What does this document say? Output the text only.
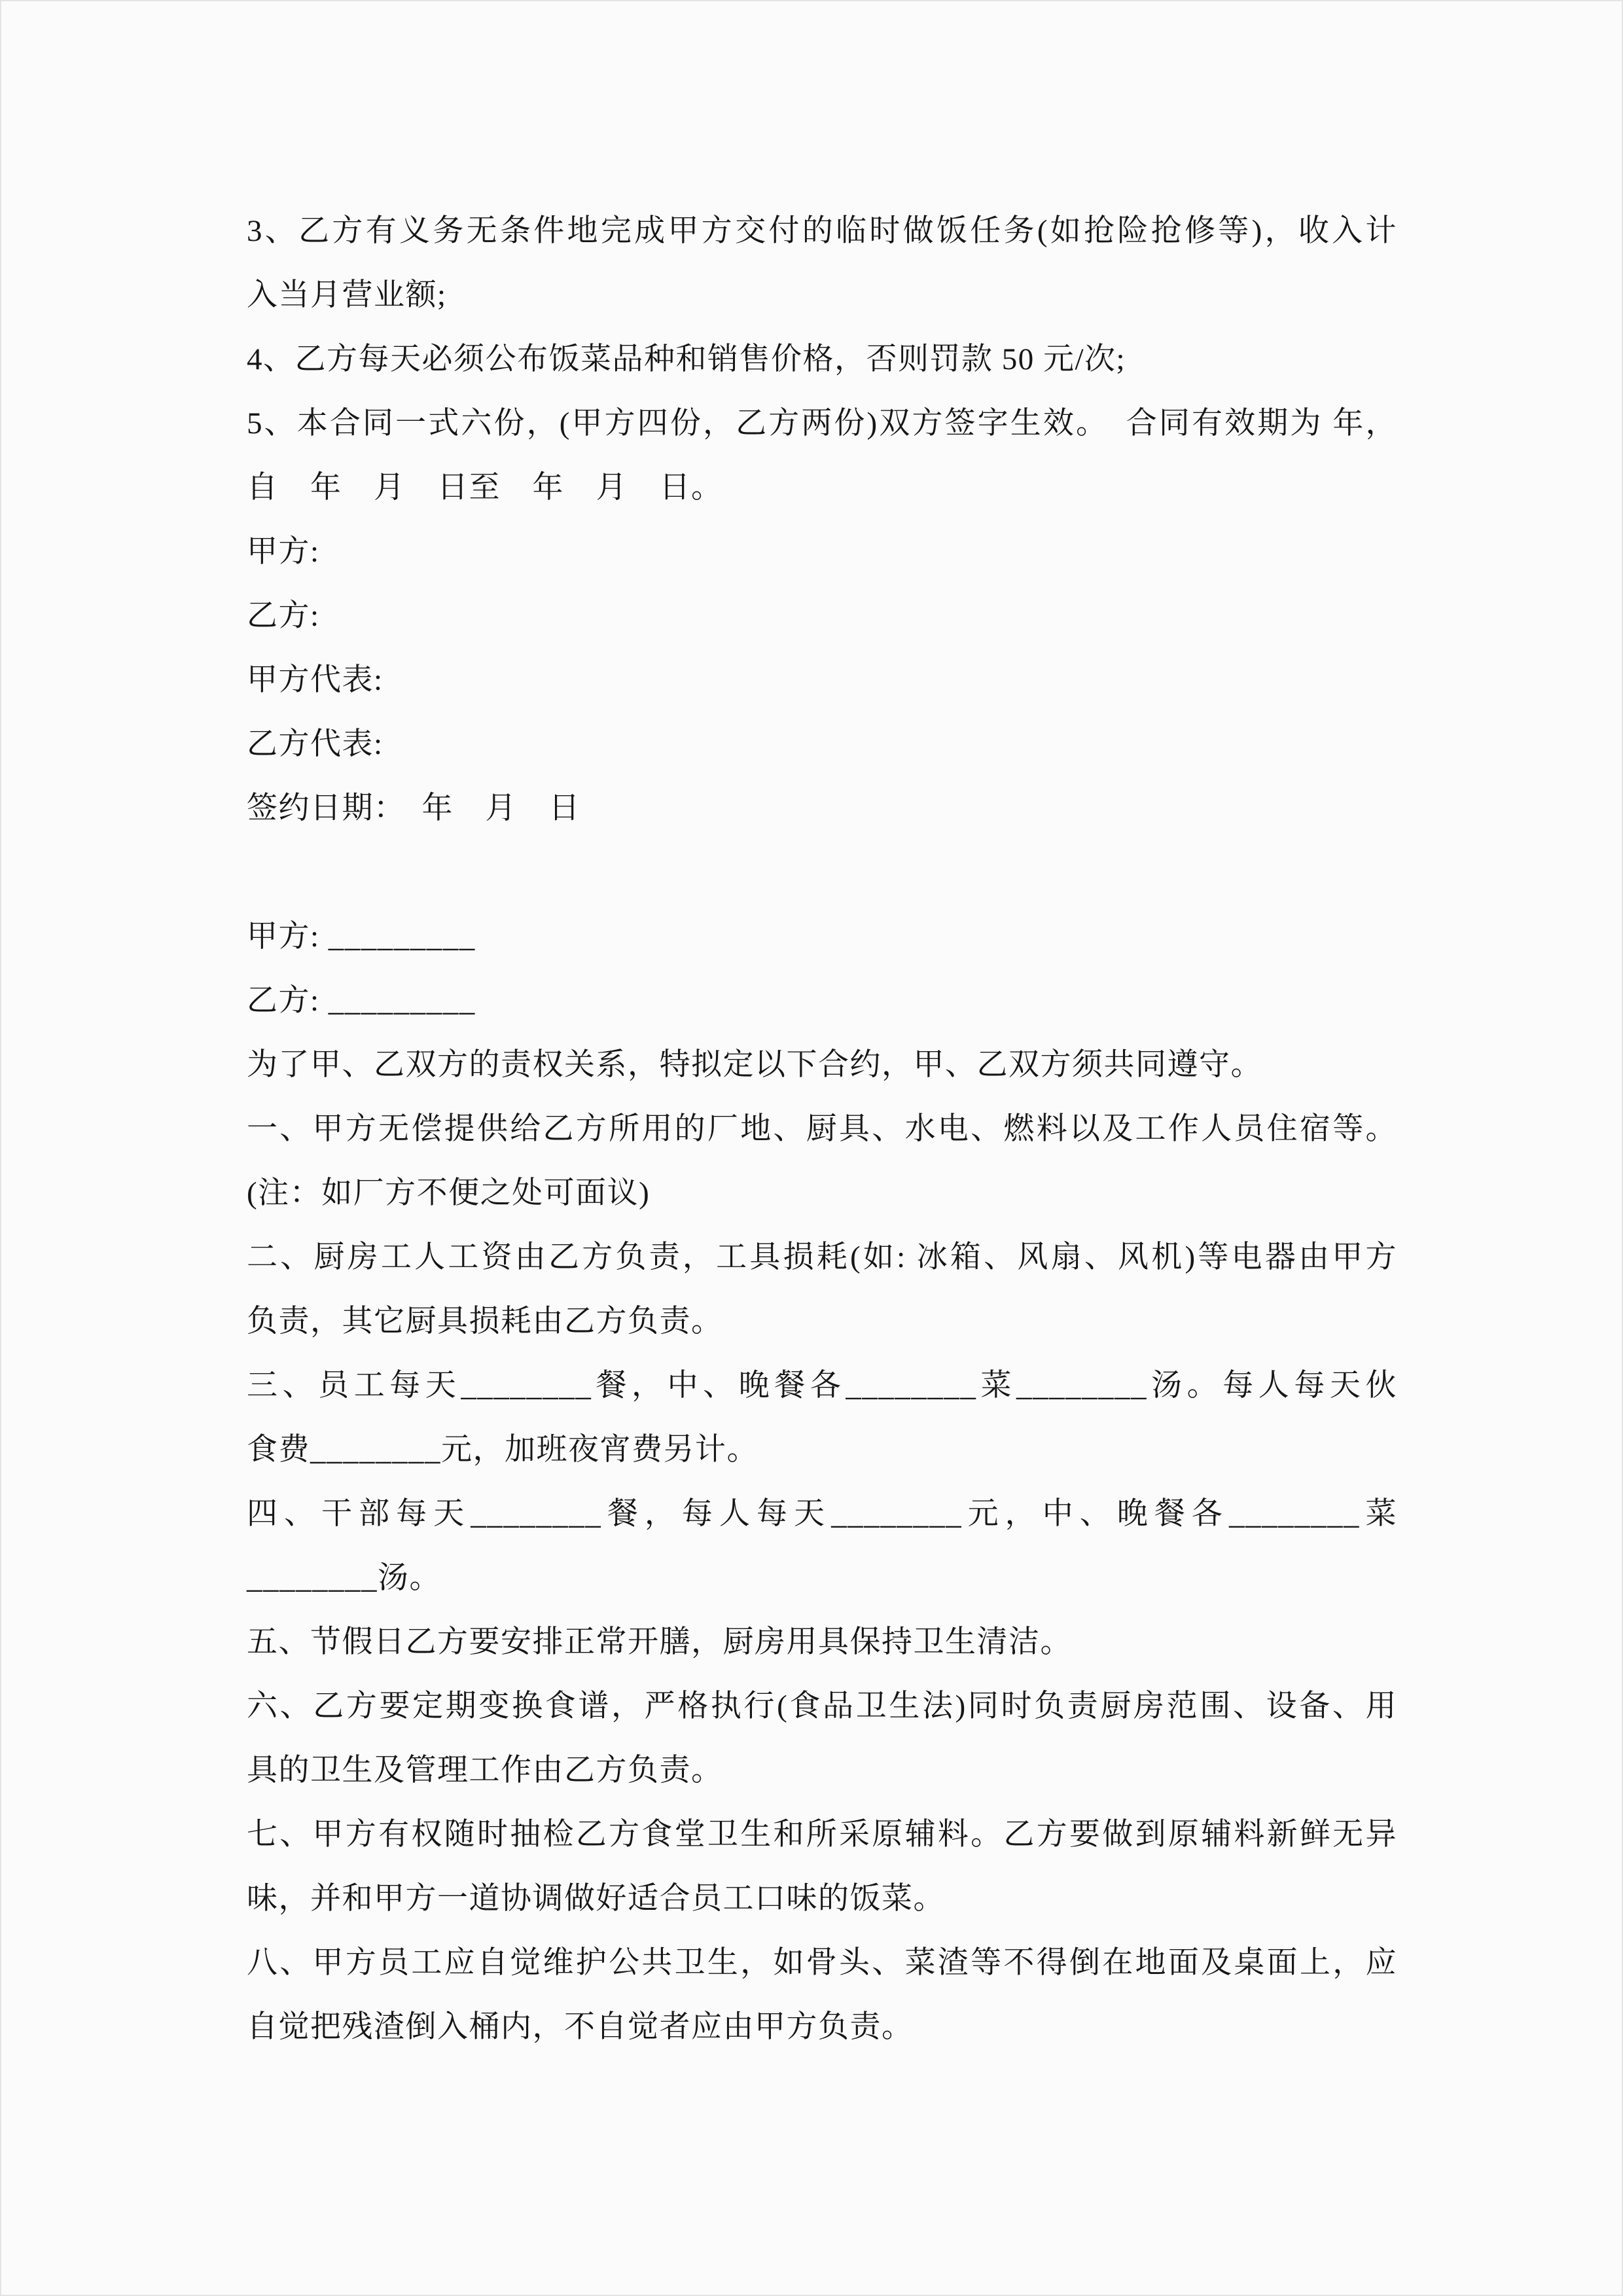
3、乙方有义务无条件地完成甲方交付的临时做饭任务(如抢险抢修等)，收入计
入当月营业额;
4、乙方每天必须公布饭菜品种和销售价格，否则罚款 50 元/次;
5、本合同一式六份，(甲方四份，乙方两份)双方签字生效。　合同有效期为 年，
自　年　月　日至　年　月　日。
甲方:
乙方:
甲方代表:
乙方代表:
签约日期：　年　月　日
甲方: _________
乙方: _________
为了甲、乙双方的责权关系，特拟定以下合约，甲、乙双方须共同遵守。
一、甲方无偿提供给乙方所用的厂地、厨具、水电、燃料以及工作人员住宿等。
(注：如厂方不便之处可面议)
二、厨房工人工资由乙方负责，工具损耗(如: 冰箱、风扇、风机)等电器由甲方
负责，其它厨具损耗由乙方负责。
三、员工每天________餐，中、晚餐各________菜________汤。每人每天伙
食费________元，加班夜宵费另计。
四、干部每天________餐，每人每天________元，中、晚餐各________菜
________汤。
五、节假日乙方要安排正常开膳，厨房用具保持卫生清洁。
六、乙方要定期变换食谱，严格执行(食品卫生法)同时负责厨房范围、设备、用
具的卫生及管理工作由乙方负责。
七、甲方有权随时抽检乙方食堂卫生和所采原辅料。乙方要做到原辅料新鲜无异
味，并和甲方一道协调做好适合员工口味的饭菜。
八、甲方员工应自觉维护公共卫生，如骨头、菜渣等不得倒在地面及桌面上，应
自觉把残渣倒入桶内，不自觉者应由甲方负责。
